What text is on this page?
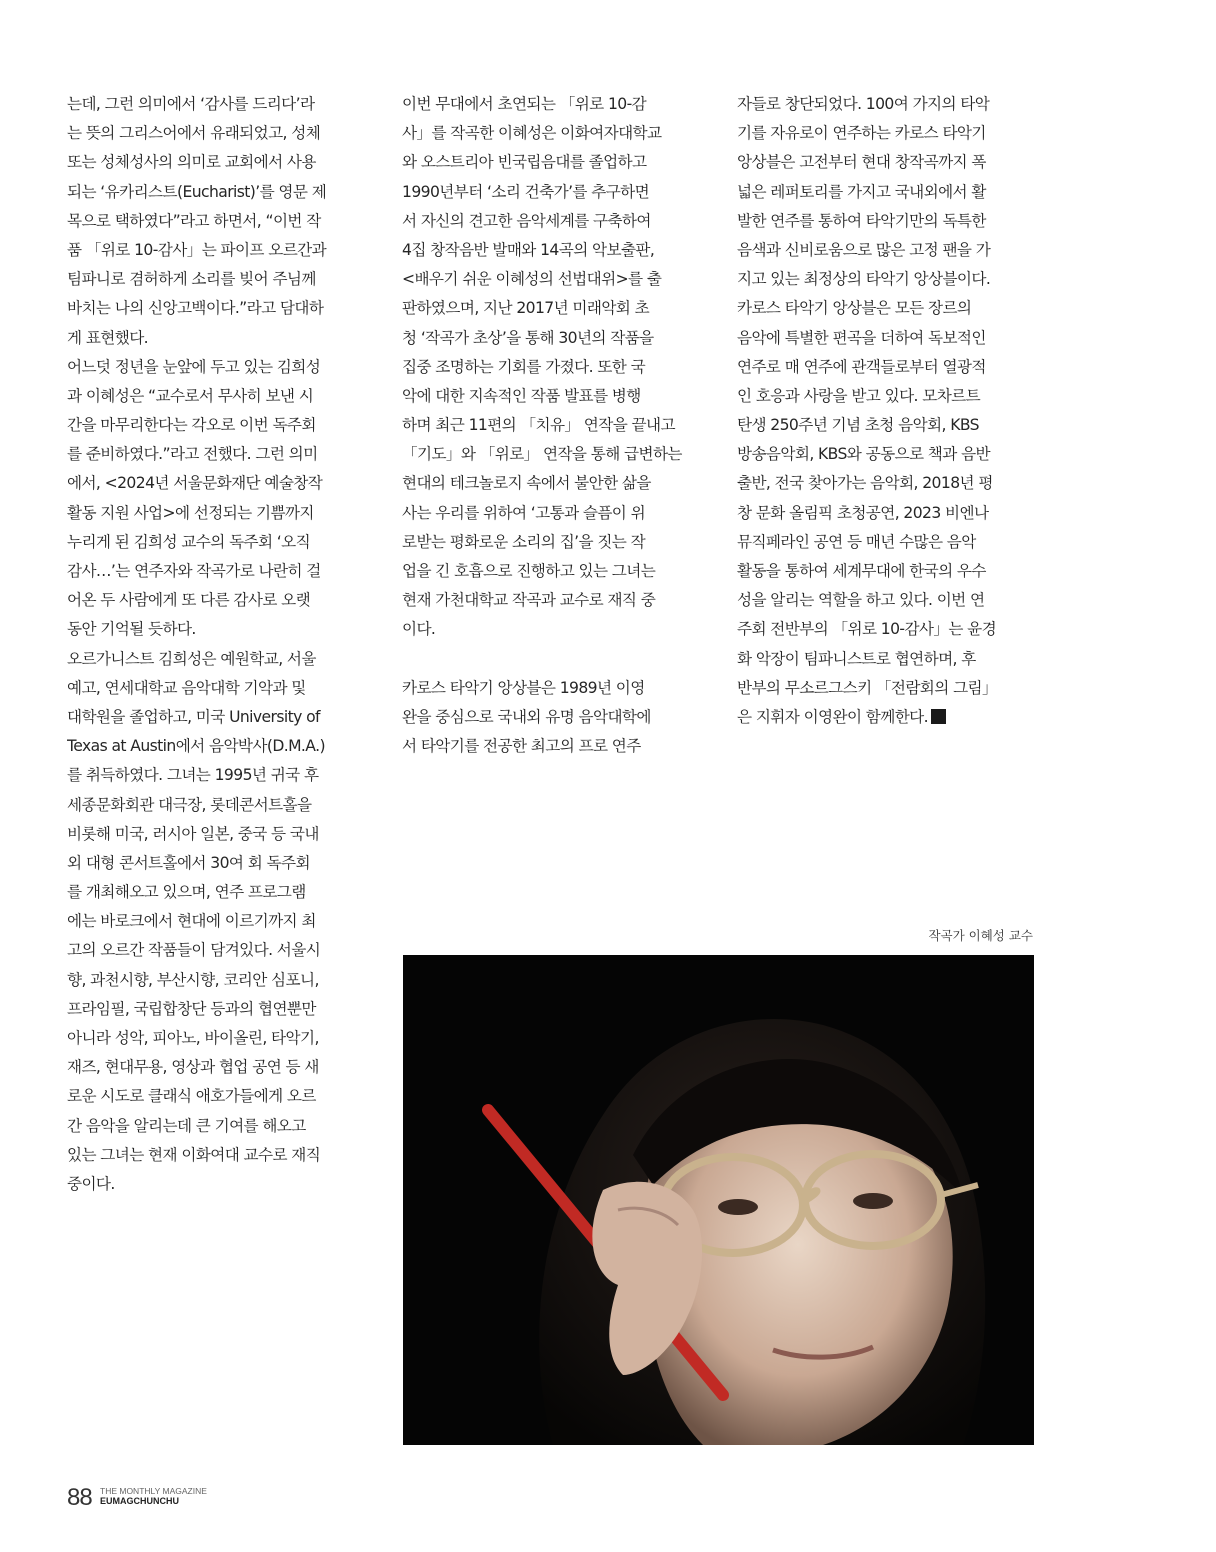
는데, 그런 의미에서 ‘감사를 드리다’라
는 뜻의 그리스어에서 유래되었고, 성체
또는 성체성사의 의미로 교회에서 사용
되는 ‘유카리스트(Eucharist)’를 영문 제
목으로 택하였다”라고 하면서, “이번 작
품 「위로 10-감사」는 파이프 오르간과
팀파니로 겸허하게 소리를 빚어 주님께
바치는 나의 신앙고백이다.”라고 담대하
게 표현했다.
어느덧 정년을 눈앞에 두고 있는 김희성
과 이혜성은 “교수로서 무사히 보낸 시
간을 마무리한다는 각오로 이번 독주회
를 준비하였다.”라고 전했다. 그런 의미
에서, <2024년 서울문화재단 예술창작
활동 지원 사업>에 선정되는 기쁨까지
누리게 된 김희성 교수의 독주회 ‘오직
감사…’는 연주자와 작곡가로 나란히 걸
어온 두 사람에게 또 다른 감사로 오랫
동안 기억될 듯하다.
오르가니스트 김희성은 예원학교, 서울
예고, 연세대학교 음악대학 기악과 및
대학원을 졸업하고, 미국 University of
Texas at Austin에서 음악박사(D.M.A.)
를 취득하였다. 그녀는 1995년 귀국 후
세종문화회관 대극장, 롯데콘서트홀을
비롯해 미국, 러시아 일본, 중국 등 국내
외 대형 콘서트홀에서 30여 회 독주회
를 개최해오고 있으며, 연주 프로그램
에는 바로크에서 현대에 이르기까지 최
고의 오르간 작품들이 담겨있다. 서울시
향, 과천시향, 부산시향, 코리안 심포니,
프라임필, 국립합창단 등과의 협연뿐만
아니라 성악, 피아노, 바이올린, 타악기,
재즈, 현대무용, 영상과 협업 공연 등 새
로운 시도로 클래식 애호가들에게 오르
간 음악을 알리는데 큰 기여를 해오고
있는 그녀는 현재 이화여대 교수로 재직
중이다.
이번 무대에서 초연되는 「위로 10-감
사」를 작곡한 이혜성은 이화여자대학교
와 오스트리아 빈국립음대를 졸업하고
1990년부터 ‘소리 건축가’를 추구하면
서 자신의 견고한 음악세계를 구축하여
4집 창작음반 발매와 14곡의 악보출판,
<배우기 쉬운 이혜성의 선법대위>를 출
판하였으며, 지난 2017년 미래악회 초
청 ‘작곡가 초상’을 통해 30년의 작품을
집중 조명하는 기회를 가졌다. 또한 국
악에 대한 지속적인 작품 발표를 병행
하며 최근 11편의 「치유」 연작을 끝내고
「기도」와 「위로」 연작을 통해 급변하는
현대의 테크놀로지 속에서 불안한 삶을
사는 우리를 위하여 ‘고통과 슬픔이 위
로받는 평화로운 소리의 집’을 짓는 작
업을 긴 호흡으로 진행하고 있는 그녀는
현재 가천대학교 작곡과 교수로 재직 중
이다.
카로스 타악기 앙상블은 1989년 이영
완을 중심으로 국내외 유명 음악대학에
서 타악기를 전공한 최고의 프로 연주
자들로 창단되었다. 100여 가지의 타악
기를 자유로이 연주하는 카로스 타악기
앙상블은 고전부터 현대 창작곡까지 폭
넓은 레퍼토리를 가지고 국내외에서 활
발한 연주를 통하여 타악기만의 독특한
음색과 신비로움으로 많은 고정 팬을 가
지고 있는 최정상의 타악기 앙상블이다.
카로스 타악기 앙상블은 모든 장르의
음악에 특별한 편곡을 더하여 독보적인
연주로 매 연주에 관객들로부터 열광적
인 호응과 사랑을 받고 있다. 모차르트
탄생 250주년 기념 초청 음악회, KBS
방송음악회, KBS와 공동으로 책과 음반
출반, 전국 찾아가는 음악회, 2018년 평
창 문화 올림픽 초청공연, 2023 비엔나
뮤직페라인 공연 등 매년 수많은 음악
활동을 통하여 세계무대에 한국의 우수
성을 알리는 역할을 하고 있다. 이번 연
주회 전반부의 「위로 10-감사」는 윤경
화 악장이 팀파니스트로 협연하며, 후
반부의 무소르그스키 「전람회의 그림」
은 지휘자 이영완이 함께한다.
작곡가 이혜성 교수
88 THE MONTHLY MAGAZINE
EUMAGCHUNCHU
